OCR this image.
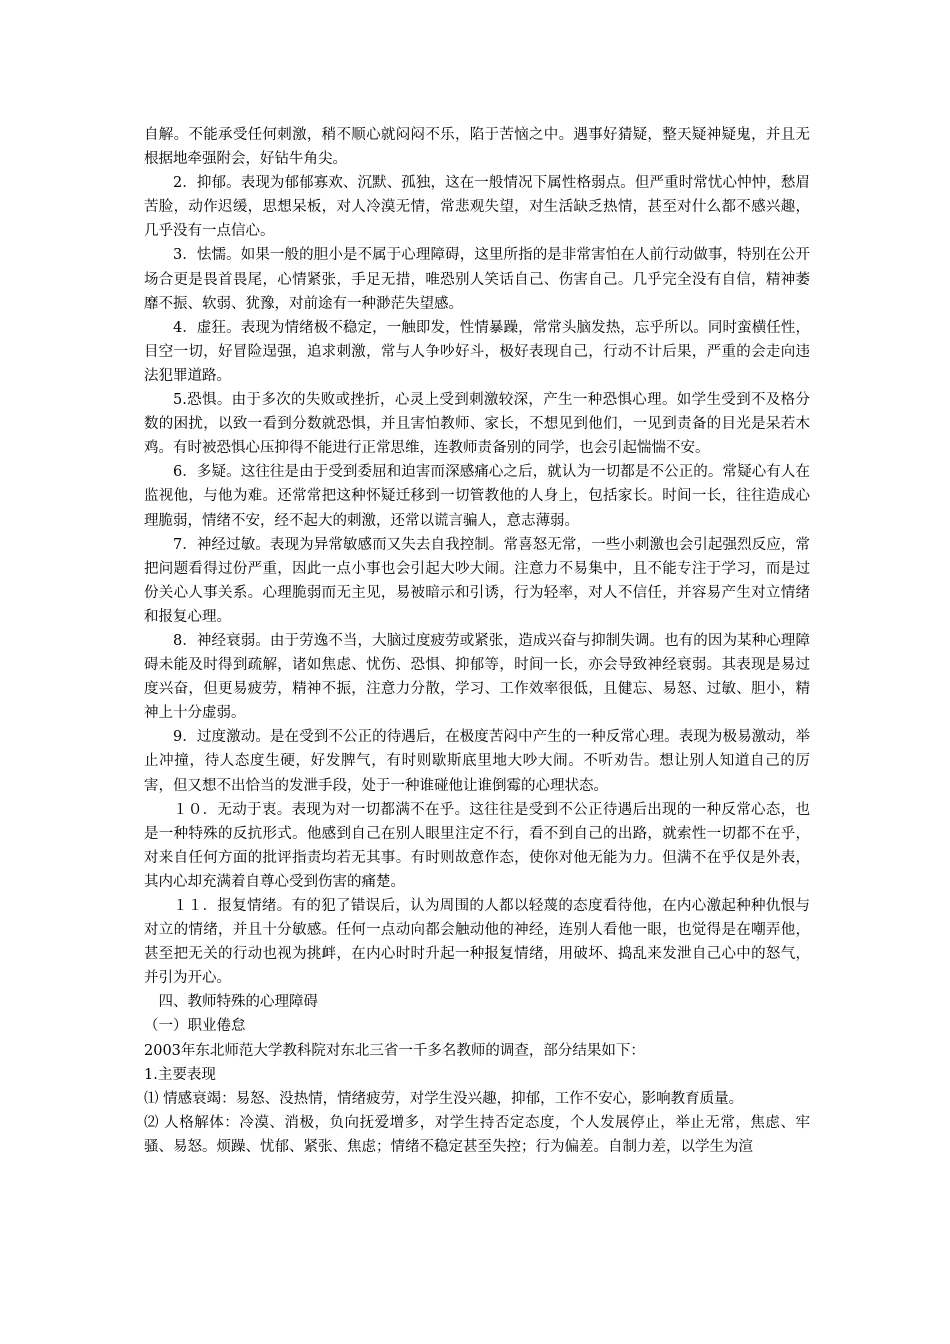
自解。不能承受任何刺激，稍不顺心就闷闷不乐，陷于苦恼之中。遇事好猜疑，整天疑神疑鬼，并且无根据地牵强附会，好钻牛角尖。

2．抑郁。表现为郁郁寡欢、沉默、孤独，这在一般情况下属性格弱点。但严重时常忧心忡忡，愁眉苦脸，动作迟缓，思想呆板，对人冷漠无情，常悲观失望，对生活缺乏热情，甚至对什么都不感兴趣，几乎没有一点信心。

3．怯懦。如果一般的胆小是不属于心理障碍，这里所指的是非常害怕在人前行动做事，特别在公开场合更是畏首畏尾，心情紧张，手足无措，唯恐别人笑话自己、伤害自己。几乎完全没有自信，精神萎靡不振、软弱、犹豫，对前途有一种渺茫失望感。

4．虚狂。表现为情绪极不稳定，一触即发，性情暴躁，常常头脑发热，忘乎所以。同时蛮横任性，目空一切，好冒险逞强，追求刺激，常与人争吵好斗，极好表现自己，行动不计后果，严重的会走向违法犯罪道路。

5.恐惧。由于多次的失败或挫折，心灵上受到刺激较深，产生一种恐惧心理。如学生受到不及格分数的困扰，以致一看到分数就恐惧，并且害怕教师、家长，不想见到他们，一见到责备的目光是呆若木鸡。有时被恐惧心压抑得不能进行正常思维，连教师责备别的同学，也会引起惴惴不安。

6．多疑。这往往是由于受到委屈和迫害而深感痛心之后，就认为一切都是不公正的。常疑心有人在监视他，与他为难。还常常把这种怀疑迁移到一切管教他的人身上，包括家长。时间一长，往往造成心理脆弱，情绪不安，经不起大的刺激，还常以谎言骗人，意志薄弱。

7．神经过敏。表现为异常敏感而又失去自我控制。常喜怒无常，一些小刺激也会引起强烈反应，常把问题看得过份严重，因此一点小事也会引起大吵大闹。注意力不易集中，且不能专注于学习，而是过份关心人事关系。心理脆弱而无主见，易被暗示和引诱，行为轻率，对人不信任，并容易产生对立情绪和报复心理。

8．神经衰弱。由于劳逸不当，大脑过度疲劳或紧张，造成兴奋与抑制失调。也有的因为某种心理障碍未能及时得到疏解，诸如焦虑、忧伤、恐惧、抑郁等，时间一长，亦会导致神经衰弱。其表现是易过度兴奋，但更易疲劳，精神不振，注意力分散，学习、工作效率很低，且健忘、易怒、过敏、胆小，精神上十分虚弱。

9．过度激动。是在受到不公正的待遇后，在极度苦闷中产生的一种反常心理。表现为极易激动，举止冲撞，待人态度生硬，好发脾气，有时则歇斯底里地大吵大闹。不听劝告。想让别人知道自己的厉害，但又想不出恰当的发泄手段，处于一种谁碰他让谁倒霉的心理状态。

１０．无动于衷。表现为对一切都满不在乎。这往往是受到不公正待遇后出现的一种反常心态，也是一种特殊的反抗形式。他感到自己在别人眼里注定不行，看不到自己的出路，就索性一切都不在乎，对来自任何方面的批评指责均若无其事。有时则故意作态，使你对他无能为力。但满不在乎仅是外表，其内心却充满着自尊心受到伤害的痛楚。

１１．报复情绪。有的犯了错误后，认为周围的人都以轻蔑的态度看待他，在内心激起种种仇恨与对立的情绪，并且十分敏感。任何一点动向都会触动他的神经，连别人看他一眼，也觉得是在嘲弄他，甚至把无关的行动也视为挑衅，在内心时时升起一种报复情绪，用破坏、捣乱来发泄自己心中的怒气，并引为开心。

四、教师特殊的心理障碍

（一）职业倦怠

2003年东北师范大学教科院对东北三省一千多名教师的调查，部分结果如下：

1.主要表现

⑴ 情感衰竭：易怒、没热情，情绪疲劳，对学生没兴趣，抑郁，工作不安心，影响教育质量。

⑵ 人格解体：冷漠、消极，负向抚爱增多，对学生持否定态度，个人发展停止，举止无常，焦虑、牢骚、易怒。烦躁、忧郁、紧张、焦虑；情绪不稳定甚至失控；行为偏差。自制力差，以学生为渲
